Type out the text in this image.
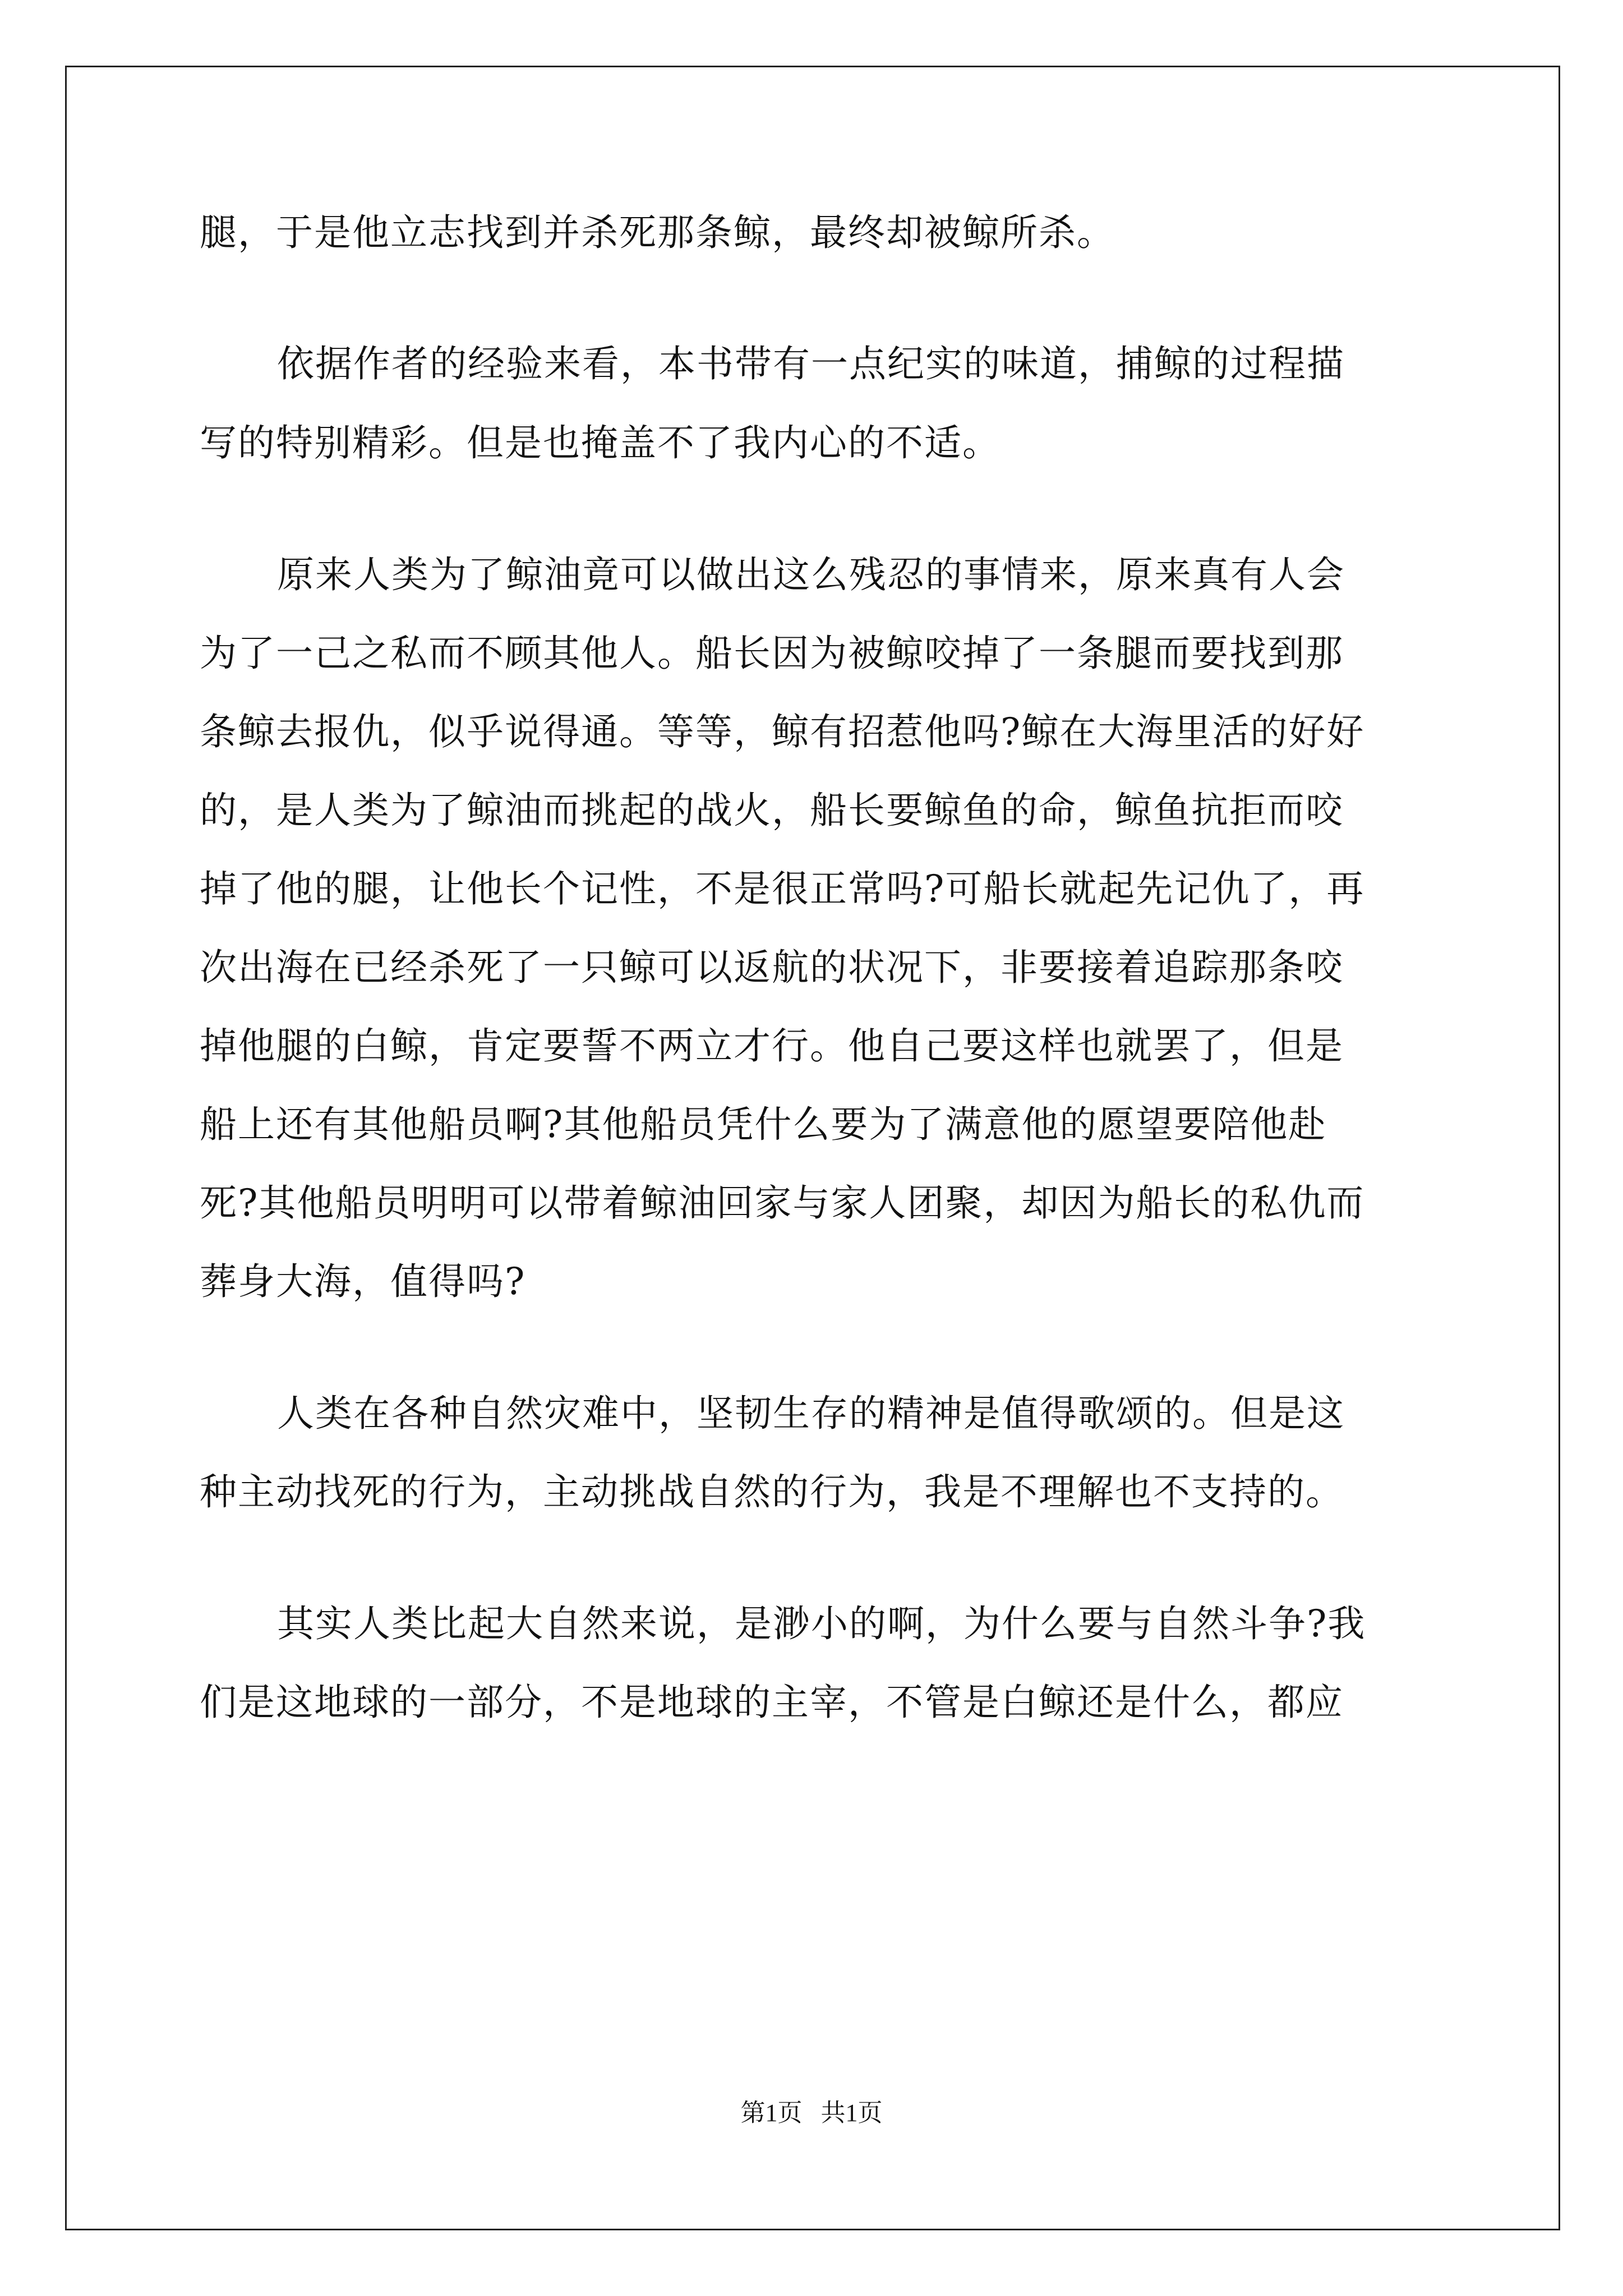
腿，于是他立志找到并杀死那条鲸，最终却被鲸所杀。
依据作者的经验来看，本书带有一点纪实的味道，捕鲸的过程描
写的特别精彩。但是也掩盖不了我内心的不适。
原来人类为了鲸油竟可以做出这么残忍的事情来，原来真有人会
为了一己之私而不顾其他人。船长因为被鲸咬掉了一条腿而要找到那
条鲸去报仇，似乎说得通。等等，鲸有招惹他吗?鲸在大海里活的好好
的，是人类为了鲸油而挑起的战火，船长要鲸鱼的命，鲸鱼抗拒而咬
掉了他的腿，让他长个记性，不是很正常吗?可船长就起先记仇了，再
次出海在已经杀死了一只鲸可以返航的状况下，非要接着追踪那条咬
掉他腿的白鲸，肯定要誓不两立才行。他自己要这样也就罢了，但是
船上还有其他船员啊?其他船员凭什么要为了满意他的愿望要陪他赴
死?其他船员明明可以带着鲸油回家与家人团聚，却因为船长的私仇而
葬身大海，值得吗?
人类在各种自然灾难中，坚韧生存的精神是值得歌颂的。但是这
种主动找死的行为，主动挑战自然的行为，我是不理解也不支持的。
其实人类比起大自然来说，是渺小的啊，为什么要与自然斗争?我
们是这地球的一部分，不是地球的主宰，不管是白鲸还是什么，都应
第1页   共1页
